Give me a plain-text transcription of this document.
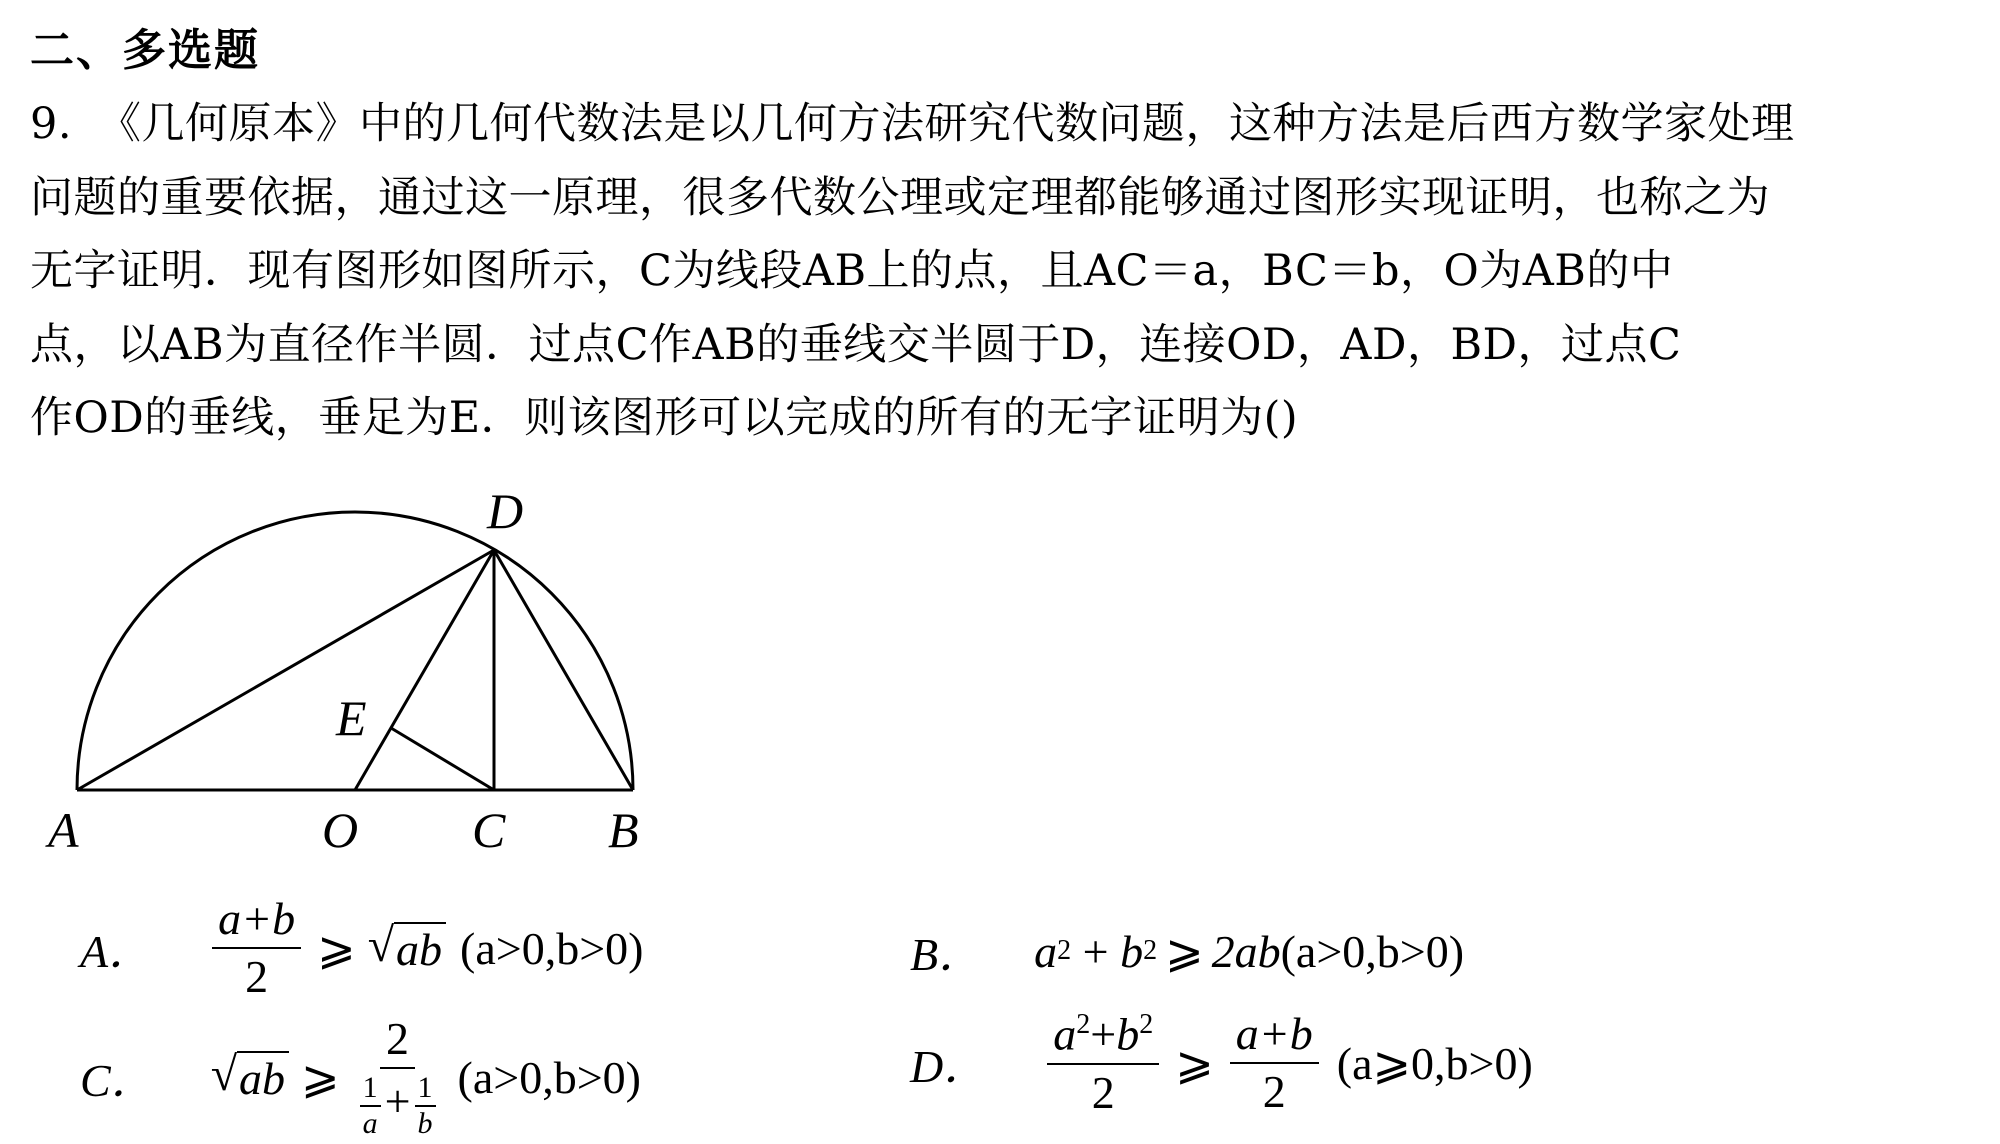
二、多选题
9. 《几何原本》中的几何代数法是以几何方法研究代数问题，这种方法是后西方数学家处理
问题的重要依据，通过这一原理，很多代数公理或定理都能够通过图形实现证明，也称之为
无字证明．现有图形如图所示，C为线段AB上的点，且AC＝a，BC＝b，O为AB的中
点，以AB为直径作半圆．过点C作AB的垂线交半圆于D，连接OD，AD，BD，过点C
作OD的垂线，垂足为E．则该图形可以完成的所有的无字证明为()
D
E
A	O C B
A． $\frac{a+b}{2}$ ⩾ √ ab (a>0,b>0)	B． a 2 + b 2 ⩾ 2ab (a>0,b>0)
C． √ ab ⩾ $\frac{2}{\frac{1}{a} + \frac{1}{b}} (a>0,b>0)$	D． $\frac{a^2+b^2}{2}$ ⩾ $\frac{a+b}{2}$ (a⩾0,b>0)
